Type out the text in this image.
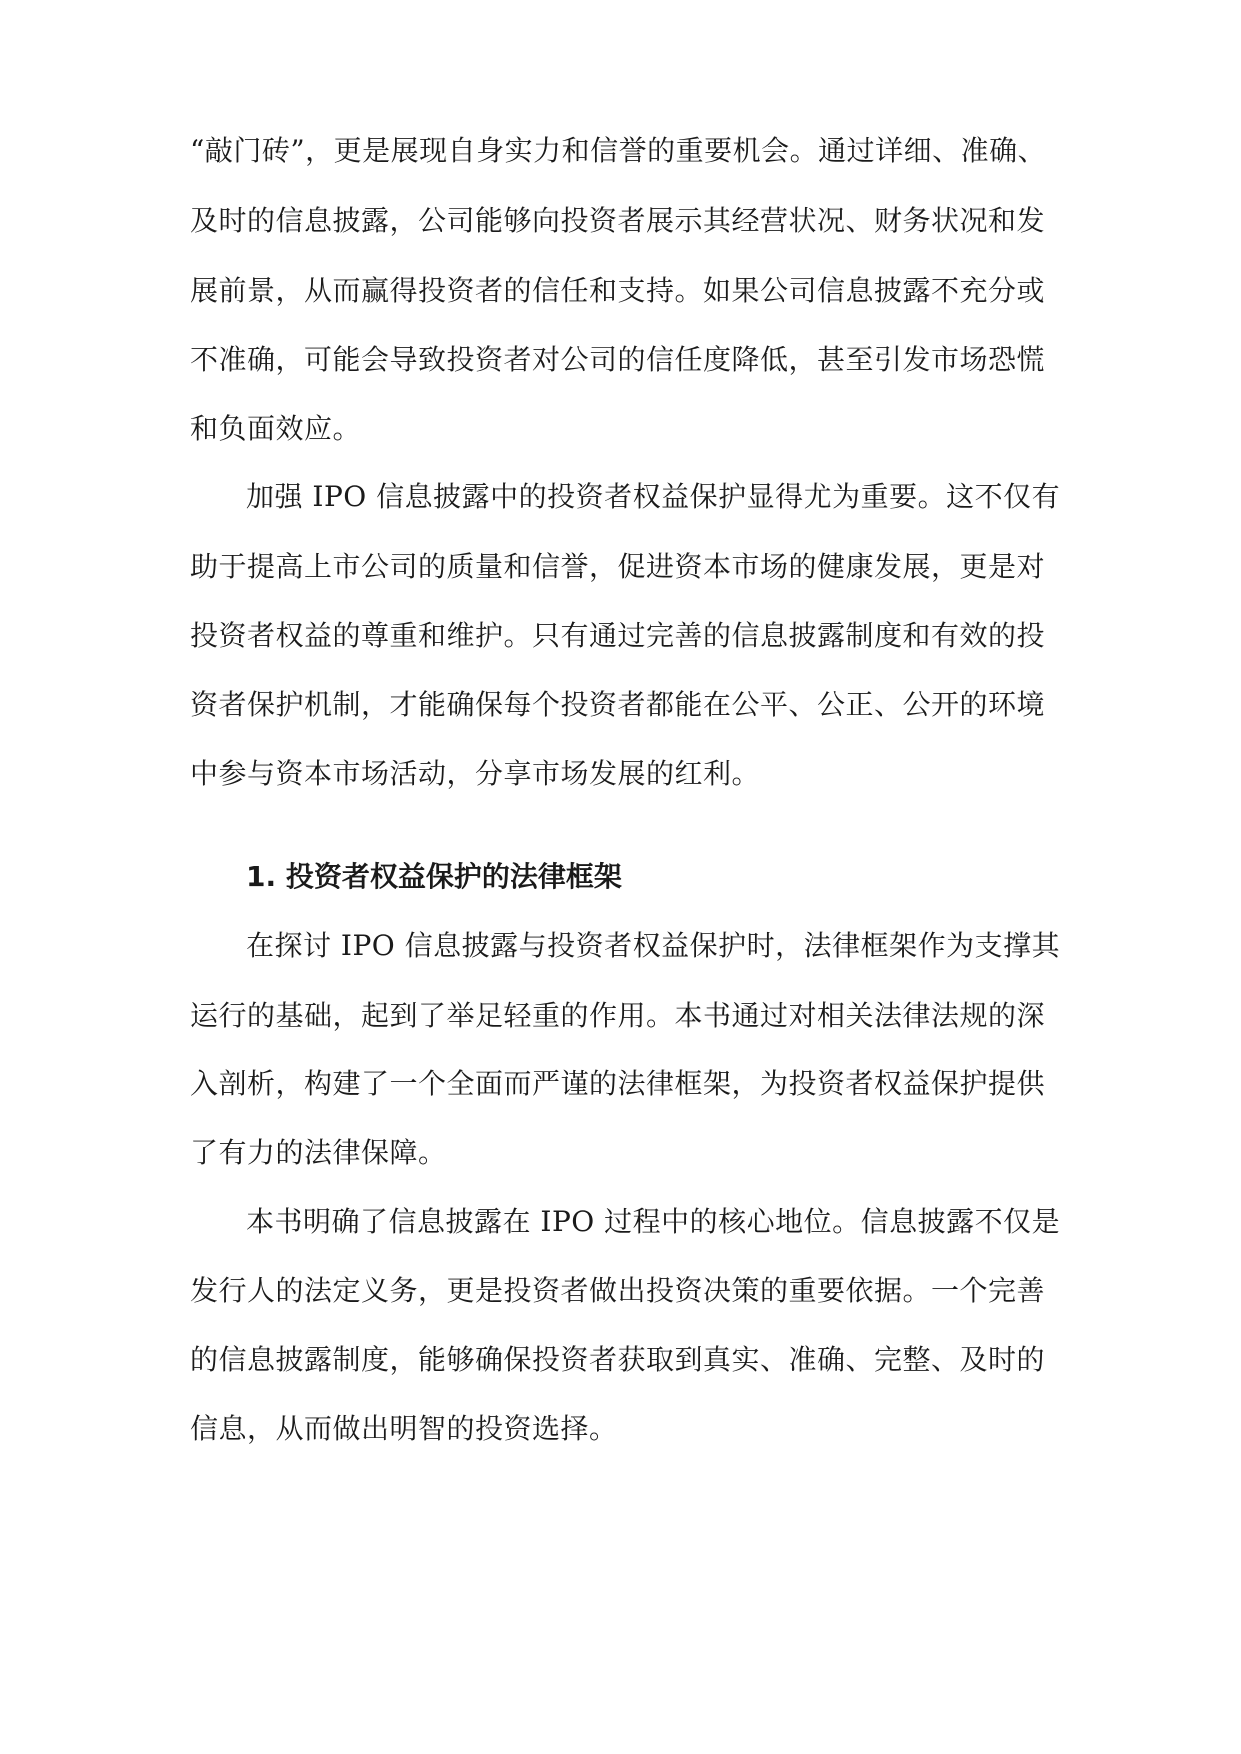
“敲门砖”，更是展现自身实力和信誉的重要机会。通过详细、准确、
及时的信息披露，公司能够向投资者展示其经营状况、财务状况和发
展前景，从而赢得投资者的信任和支持。如果公司信息披露不充分或
不准确，可能会导致投资者对公司的信任度降低，甚至引发市场恐慌
和负面效应。
加强 IPO 信息披露中的投资者权益保护显得尤为重要。这不仅有
助于提高上市公司的质量和信誉，促进资本市场的健康发展，更是对
投资者权益的尊重和维护。只有通过完善的信息披露制度和有效的投
资者保护机制，才能确保每个投资者都能在公平、公正、公开的环境
中参与资本市场活动，分享市场发展的红利。
1. 投资者权益保护的法律框架
在探讨 IPO 信息披露与投资者权益保护时，法律框架作为支撑其
运行的基础，起到了举足轻重的作用。本书通过对相关法律法规的深
入剖析，构建了一个全面而严谨的法律框架，为投资者权益保护提供
了有力的法律保障。
本书明确了信息披露在 IPO 过程中的核心地位。信息披露不仅是
发行人的法定义务，更是投资者做出投资决策的重要依据。一个完善
的信息披露制度，能够确保投资者获取到真实、准确、完整、及时的
信息，从而做出明智的投资选择。
